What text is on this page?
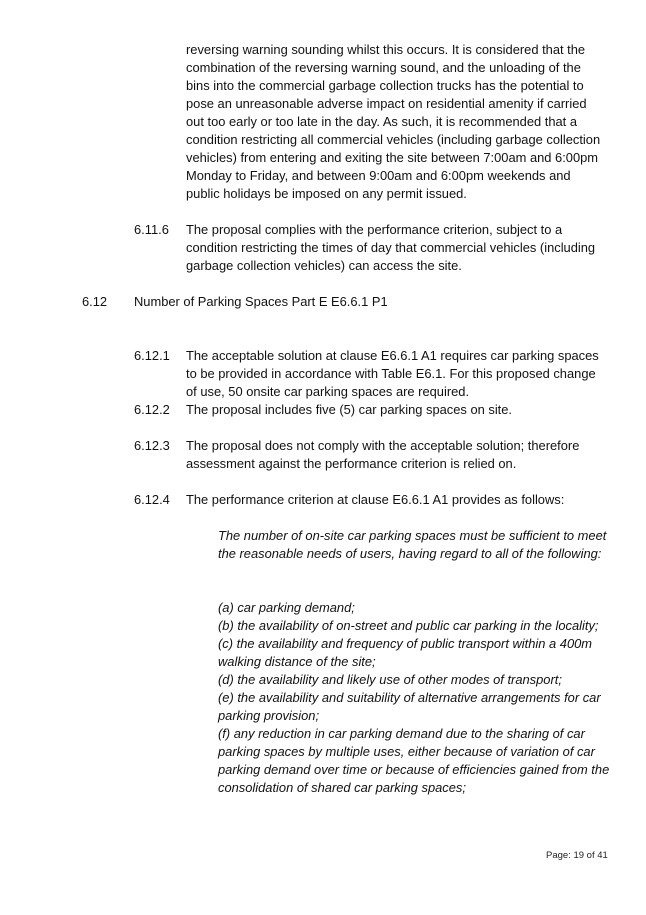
reversing warning sounding whilst this occurs. It is considered that the combination of the reversing warning sound, and the unloading of the bins into the commercial garbage collection trucks has the potential to pose an unreasonable adverse impact on residential amenity if carried out too early or too late in the day. As such, it is recommended that a condition restricting all commercial vehicles (including garbage collection vehicles) from entering and exiting the site between 7:00am and 6:00pm Monday to Friday, and between 9:00am and 6:00pm weekends and public holidays be imposed on any permit issued.

6.11.6 The proposal complies with the performance criterion, subject to a condition restricting the times of day that commercial vehicles (including garbage collection vehicles) can access the site.

6.12 Number of Parking Spaces Part E E6.6.1 P1

6.12.1 The acceptable solution at clause E6.6.1 A1 requires car parking spaces to be provided in accordance with Table E6.1. For this proposed change of use, 50 onsite car parking spaces are required.

6.12.2 The proposal includes five (5) car parking spaces on site.

6.12.3 The proposal does not comply with the acceptable solution; therefore assessment against the performance criterion is relied on.

6.12.4 The performance criterion at clause E6.6.1 A1 provides as follows:

The number of on-site car parking spaces must be sufficient to meet the reasonable needs of users, having regard to all of the following:

(a) car parking demand;
(b) the availability of on-street and public car parking in the locality;
(c) the availability and frequency of public transport within a 400m walking distance of the site;
(d) the availability and likely use of other modes of transport;
(e) the availability and suitability of alternative arrangements for car parking provision;
(f) any reduction in car parking demand due to the sharing of car parking spaces by multiple uses, either because of variation of car parking demand over time or because of efficiencies gained from the consolidation of shared car parking spaces;
Page: 19 of 41
